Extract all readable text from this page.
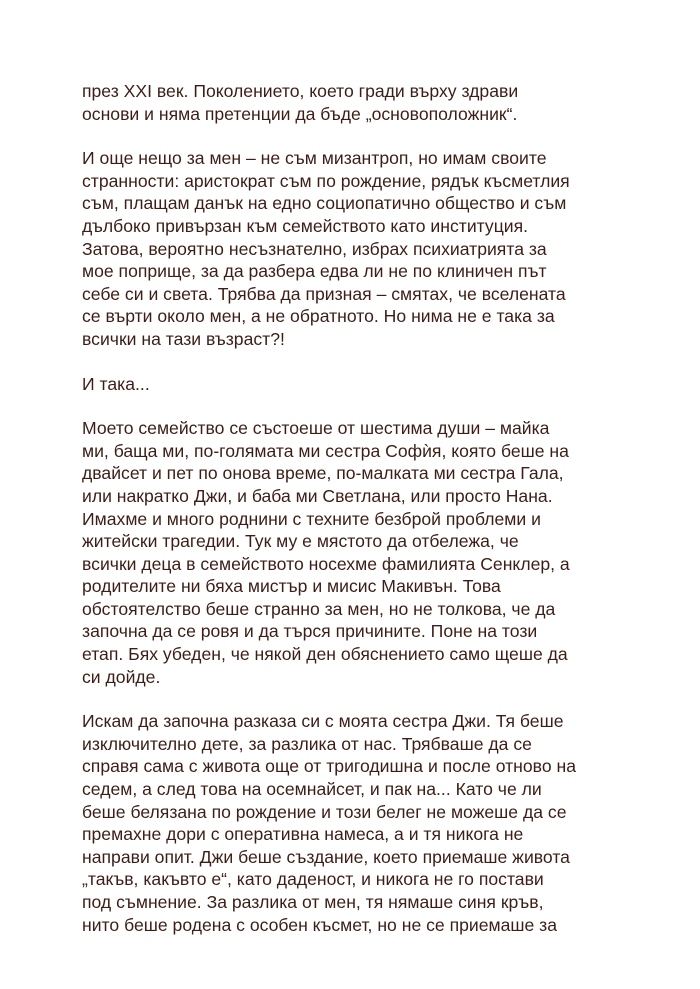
през XXI век. Поколението, което гради върху здрави
основи и няма претенции да бъде „основоположник“.

И още нещо за мен – не съм мизантроп, но имам своите
странности: аристократ съм по рождение, рядък късметлия
съм, плащам данък на едно социопатично общество и съм
дълбоко привързан към семейството като институция.
Затова, вероятно несъзнателно, избрах психиатрията за
мое поприще, за да разбера едва ли не по клиничен път
себе си и света. Трябва да призная – смятах, че вселената
се върти около мен, а не обратното. Но нима не е така за
всички на тази възраст?!

И така...

Моето семейство се състоеше от шестима души – майка
ми, баща ми, по-голямата ми сестра Софѝя, която беше на
двайсет и пет по онова време, по-малката ми сестра Гала,
или накратко Джи, и баба ми Светлана, или просто Нана.
Имахме и много роднини с техните безброй проблеми и
житейски трагедии. Тук му е мястото да отбележа, че
всички деца в семейството носехме фамилията Сенклер, а
родителите ни бяха мистър и мисис Макивън. Това
обстоятелство беше странно за мен, но не толкова, че да
започна да се ровя и да търся причините. Поне на този
етап. Бях убеден, че някой ден обяснението само щеше да
си дойде.

Искам да започна разказа си с моята сестра Джи. Тя беше
изключително дете, за разлика от нас. Трябваше да се
справя сама с живота още от тригодишна и после отново на
седем, а след това на осемнайсет, и пак на... Като че ли
беше белязана по рождение и този белег не можеше да се
премахне дори с оперативна намеса, а и тя никога не
направи опит. Джи беше създание, което приемаше живота
„такъв, какъвто е“, като даденост, и никога не го постави
под съмнение. За разлика от мен, тя нямаше синя кръв,
нито беше родена с особен късмет, но не се приемаше за
